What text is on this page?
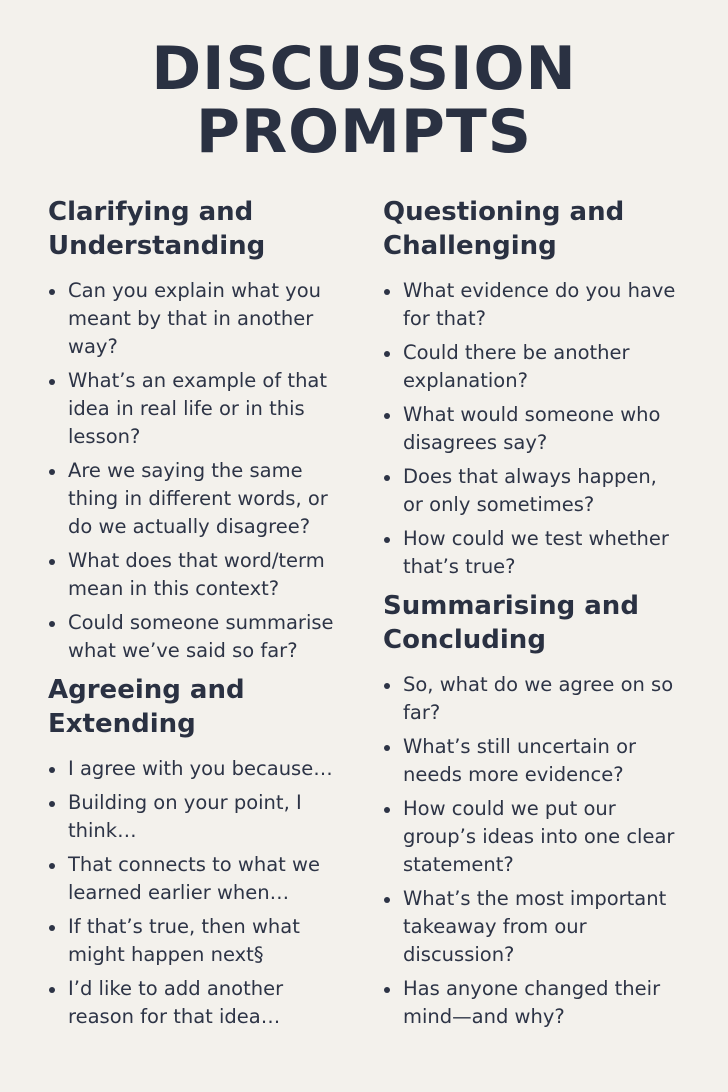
DISCUSSION
PROMPTS
Clarifying and
Understanding
Can you explain what you meant by that in another way?
What’s an example of that idea in real life or in this lesson?
Are we saying the same thing in different words, or do we actually disagree?
What does that word/term mean in this context?
Could someone summarise what we’ve said so far?
Agreeing and
Extending
I agree with you because…
Building on your point, I think…
That connects to what we learned earlier when…
If that’s true, then what might happen next§
I’d like to add another reason for that idea…
Questioning and
Challenging
What evidence do you have for that?
Could there be another explanation?
What would someone who disagrees say?
Does that always happen, or only sometimes?
How could we test whether that’s true?
Summarising and
Concluding
So, what do we agree on so far?
What’s still uncertain or needs more evidence?
How could we put our group’s ideas into one clear statement?
What’s the most important takeaway from our discussion?
Has anyone changed their mind—and why?
